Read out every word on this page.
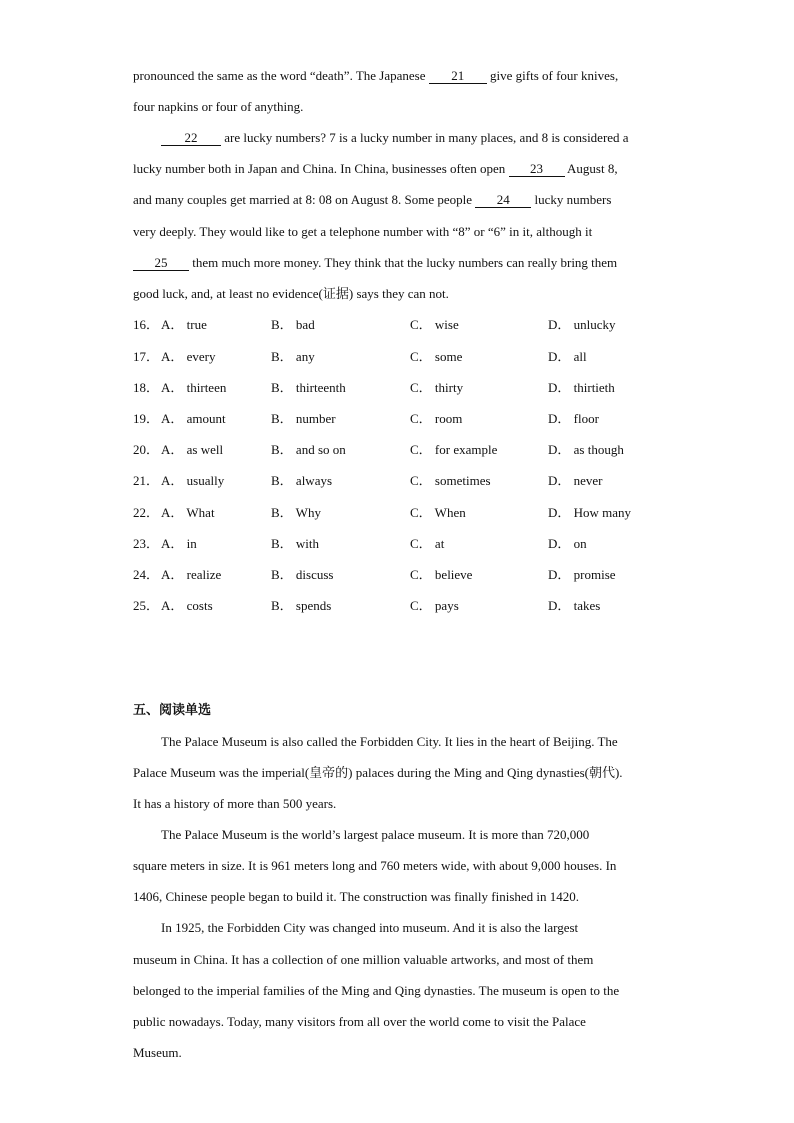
pronounced the same as the word “death”. The Japanese 21 give gifts of four knives,
four napkins or four of anything.
22 are lucky numbers? 7 is a lucky number in many places, and 8 is considered a
lucky number both in Japan and China. In China, businesses often open 23 August 8,
and many couples get married at 8: 08 on August 8. Some people 24 lucky numbers
very deeply. They would like to get a telephone number with “8” or “6” in it, although it
25 them much more money. They think that the lucky numbers can really bring them
good luck, and, at least no evidence(证据) says they can not.
16． A． true	B． bad	C． wise	D． unlucky
17． A． every	B． any	C． some	D． all
18． A． thirteen	B． thirteenth	C． thirty	D． thirtieth
19． A． amount	B． number	C． room	D． floor
20． A． as well	B． and so on	C． for example	D． as though
21． A． usually	B． always	C． sometimes	D． never
22． A． What	B． Why	C． When	D． How many
23． A． in	B． with	C． at	D． on
24． A． realize	B． discuss	C． believe	D． promise
25． A． costs	B． spends	C． pays	D． takes
五、阅读单选
The Palace Museum is also called the Forbidden City. It lies in the heart of Beijing. The
Palace Museum was the imperial(皇帝的) palaces during the Ming and Qing dynasties(朝代).
It has a history of more than 500 years.
The Palace Museum is the world’s largest palace museum. It is more than 720,000
square meters in size. It is 961 meters long and 760 meters wide, with about 9,000 houses. In
1406, Chinese people began to build it. The construction was finally finished in 1420.
In 1925, the Forbidden City was changed into museum. And it is also the largest
museum in China. It has a collection of one million valuable artworks, and most of them
belonged to the imperial families of the Ming and Qing dynasties. The museum is open to the
public nowadays. Today, many visitors from all over the world come to visit the Palace
Museum.
